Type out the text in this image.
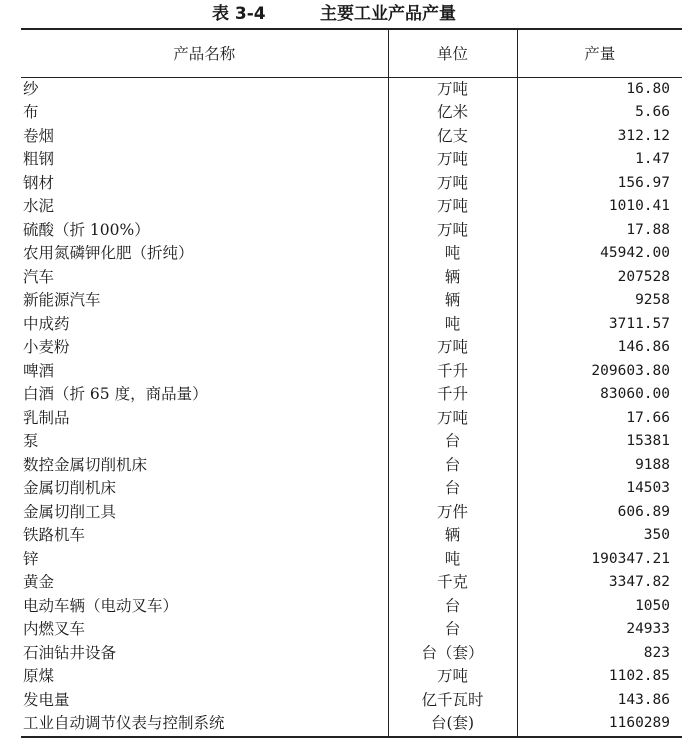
表 3-4	主要工业产品产量
产品名称	单位	产量
纱	万吨	16.80
布	亿米	5.66
卷烟	亿支	312.12
粗钢	万吨	1.47
钢材	万吨	156.97
水泥	万吨	1010.41
硫酸（折 100%）	万吨	17.88
农用氮磷钾化肥（折纯）	吨	45942.00
汽车	辆	207528
新能源汽车	辆	9258
中成药	吨	3711.57
小麦粉	万吨	146.86
啤酒	千升	209603.80
白酒（折 65 度，商品量）	千升	83060.00
乳制品	万吨	17.66
泵	台	15381
数控金属切削机床	台	9188
金属切削机床	台	14503
金属切削工具	万件	606.89
铁路机车	辆	350
锌	吨	190347.21
黄金	千克	3347.82
电动车辆（电动叉车）	台	1050
内燃叉车	台	24933
石油钻井设备	台（套）	823
原煤	万吨	1102.85
发电量	亿千瓦时	143.86
工业自动调节仪表与控制系统	台(套)	1160289
